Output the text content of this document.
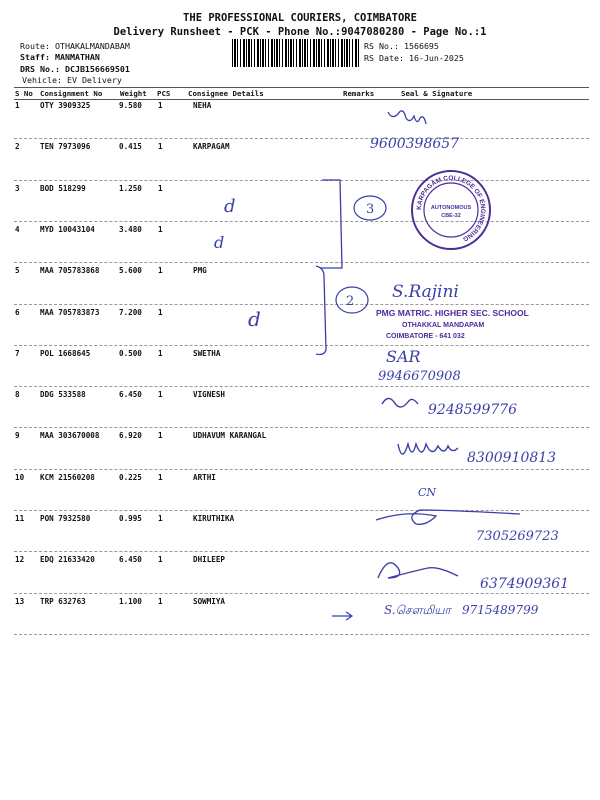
THE PROFESSIONAL COURIERS, COIMBATORE
Delivery Runsheet - PCK - Phone No.:9047080280 - Page No.:1
Route: OTHAKALMANDABAM
Staff: MANMATHAN
DRS No.: DCJB156669501
Vehicle: EV Delivery
RS No.: 1566695
RS Date: 16-Jun-2025
S No Consignment No Weight PCS Consignee Details	Remarks	Seal & Signature
1	OTY 3909325	9.580 1	NEHA
2	TEN 7973096	0.415 1	KARPAGAM
3	BOD 518299	1.250 1
4	MYD 10043104	3.480 1
5	MAA 705783868	5.600 1	PMG
6	MAA 705783873	7.200 1
7	POL 1668645	0.500 1	SWETHA
8	DDG 533588	6.450 1	VIGNESH
9	MAA 303670008	6.920 1	UDHAVUM KARANGAL
10 KCM 21560208	0.225 1	ARTHI
11 PON 7932580	0.995 1	KIRUTHIKA
12 EDQ 21633420	6.450 1	DHILEEP
13 TRP 632763	1.100 1	SOWMIYA
9600398657
d
d
3	KARPAGAM COLLEGE OF ENGINEERING
AUTONOMOUS
CBE-32
d
2 S.Rajini
PMG MATRIC. HIGHER SEC. SCHOOL
OTHAKKAL MANDAPAM
COIMBATORE - 641 032
SAR
9946670908
9248599776
8300910813
CN
7305269723
6374909361
S.சௌமியா 9715489799
